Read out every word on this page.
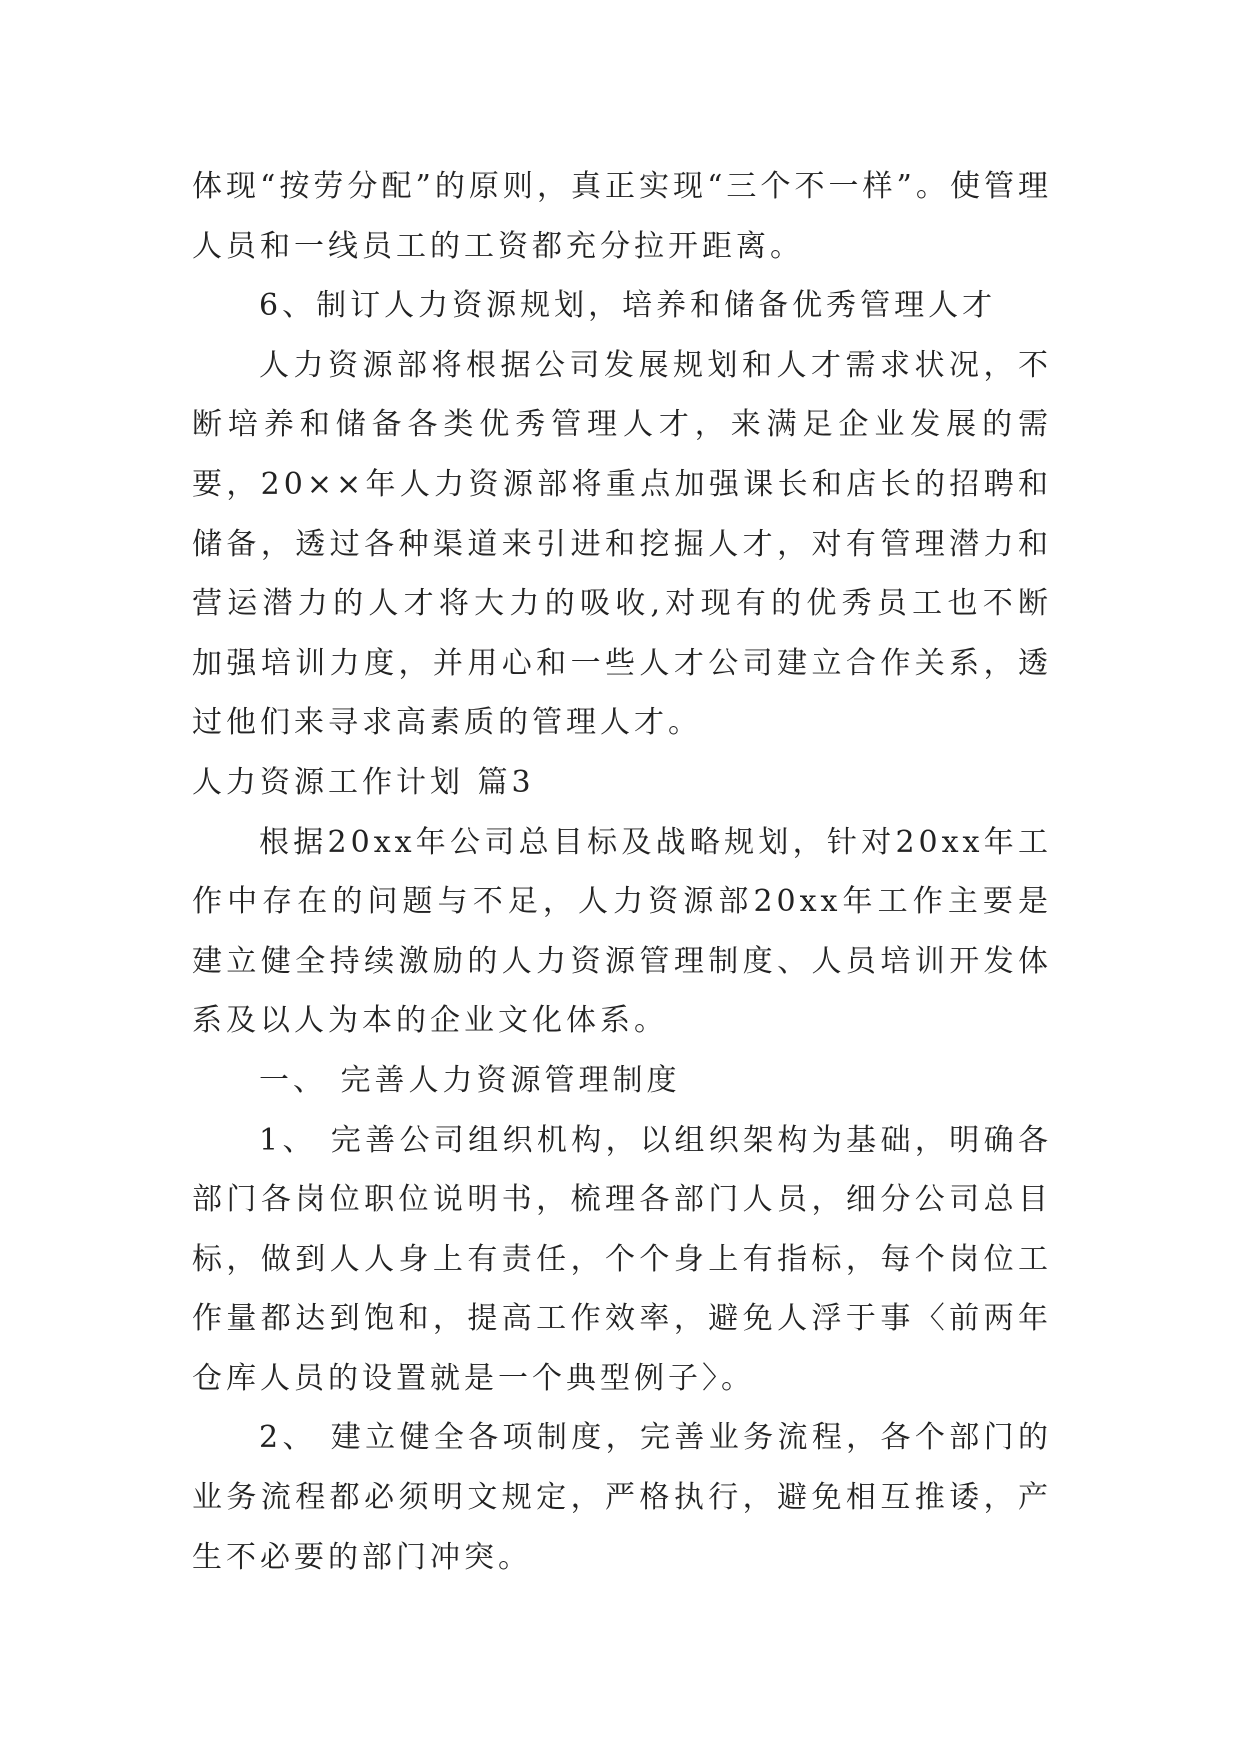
体现“按劳分配”的原则，真正实现“三个不一样”。使管理人员和一线员工的工资都充分拉开距离。

6、制订人力资源规划，培养和储备优秀管理人才

人力资源部将根据公司发展规划和人才需求状况，不断培养和储备各类优秀管理人才，来满足企业发展的需要，20××年人力资源部将重点加强课长和店长的招聘和储备，透过各种渠道来引进和挖掘人才，对有管理潜力和营运潜力的人才将大力的吸收,对现有的优秀员工也不断加强培训力度，并用心和一些人才公司建立合作关系，透过他们来寻求高素质的管理人才。

人力资源工作计划 篇3

根据20xx年公司总目标及战略规划，针对20xx年工作中存在的问题与不足，人力资源部20xx年工作主要是建立健全持续激励的人力资源管理制度、人员培训开发体系及以人为本的企业文化体系。

一、 完善人力资源管理制度

1、 完善公司组织机构，以组织架构为基础，明确各部门各岗位职位说明书，梳理各部门人员，细分公司总目标，做到人人身上有责任，个个身上有指标，每个岗位工作量都达到饱和，提高工作效率，避免人浮于事〈前两年仓库人员的设置就是一个典型例子〉。

2、 建立健全各项制度，完善业务流程，各个部门的业务流程都必须明文规定，严格执行，避免相互推诿，产生不必要的部门冲突。
